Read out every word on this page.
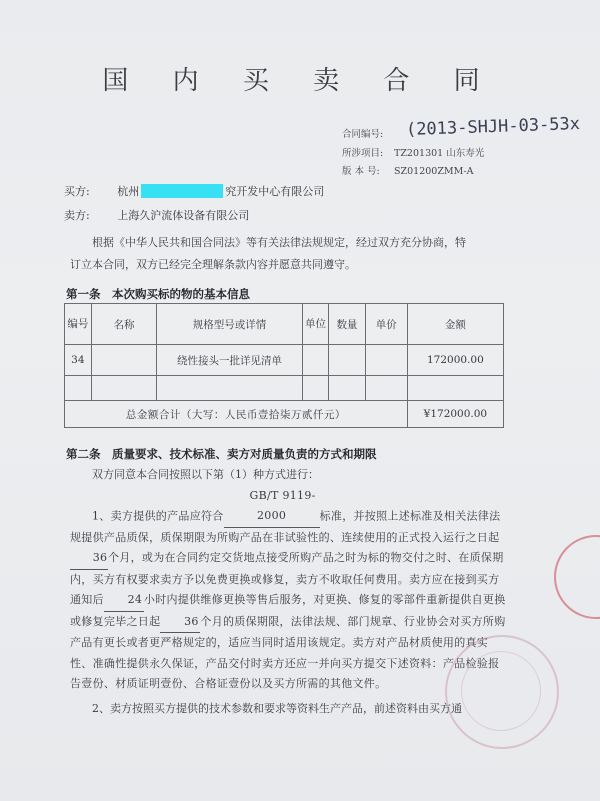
国 内 买 卖 合 同
合同编号:	(2013-SHJH-03-53x
所涉项目: TZ201301 山东寿光
版 本 号: SZ01200ZMM-A
买方:	杭州	究开发中心有限公司
卖方:	上海久沪流体设备有限公司
根据《中华人民共和国合同法》等有关法律法规规定，经过双方充分协商，特
订立本合同，双方已经完全理解条款内容并愿意共同遵守。
第一条　本次购买标的物的基本信息
编号	名称	规格型号或详情	单位	数量	单价	金额
34		绕性接头一批详见清单				172000.00

总金额合计（大写：人民币壹拾柒万贰仟元）						¥172000.00
第二条　质量要求、技术标准、卖方对质量负责的方式和期限
双方同意本合同按照以下第（1）种方式进行：
1、卖方提供的产品应符合GB/T 9119-2000	标准，并按照上述标准及相关法律法规提供产品质保，质保期限为所购产品在非试验性的、连续使用的正式投入运行之日起36个月，或为在合同约定交货地点接受所购产品之时为标的物交付之时、在质保期内，买方有权要求卖方予以免费更换或修复，卖方不收取任何费用。卖方应在接到买方通知后 24 小时内提供维修更换等售后服务，对更换、修复的零部件重新提供自更换或修复完毕之日起 36 个月的质保期限，法律法规、部门规章、行业协会对买方所购产品有更长或者更严格规定的，适应当同时适用该规定。卖方对产品材质使用的真实性、准确性提供永久保证，产品交付时卖方还应一并向买方提交下述资料：产品检验报告壹份、材质证明壹份、合格证壹份以及买方所需的其他文件。
2、卖方按照买方提供的技术参数和要求等资料生产产品，前述资料由买方通
